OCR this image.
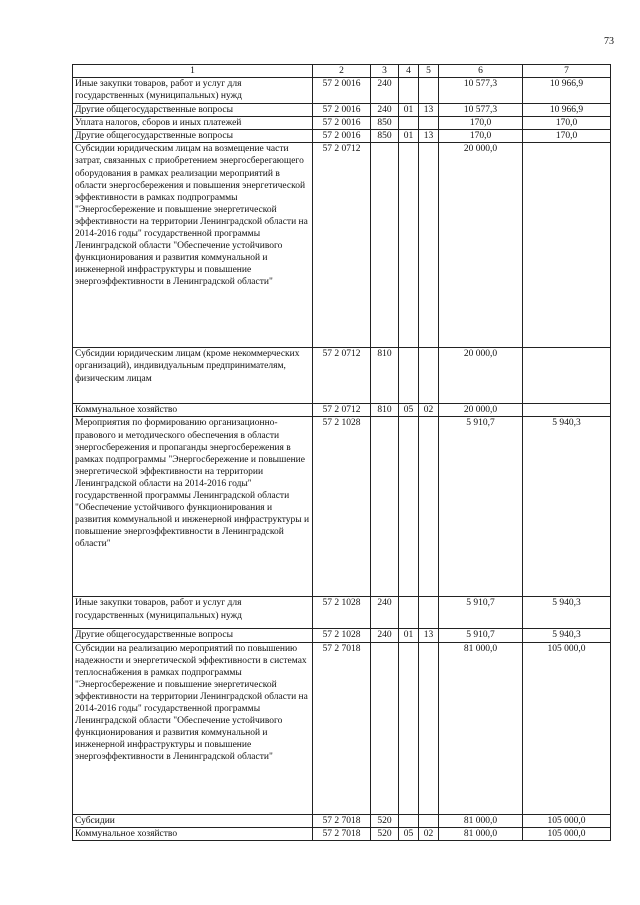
73
1	2	3	4	5	6	7
Иные закупки товаров, работ и услуг для государственных (муниципальных) нужд	57 2 0016	240			10 577,3	10 966,9
Другие общегосударственные вопросы	57 2 0016	240	01	13	10 577,3	10 966,9
Уплата налогов, сборов и иных платежей	57 2 0016	850			170,0	170,0
Другие общегосударственные вопросы	57 2 0016	850	01	13	170,0	170,0
Субсидии юридическим лицам на возмещение части затрат, связанных с приобретением энергосберегающего оборудования в рамках реализации мероприятий в области энергосбережения и повышения энергетической эффективности в рамках подпрограммы "Энергосбережение и повышение энергетической эффективности на территории Ленинградской области на 2014-2016 годы" государственной программы Ленинградской области "Обеспечение устойчивого функционирования и развития коммунальной и инженерной инфраструктуры и повышение энергоэффективности в Ленинградской области"	57 2 0712				20 000,0	
Субсидии юридическим лицам (кроме некоммерческих организаций), индивидуальным предпринимателям, физическим лицам	57 2 0712	810			20 000,0	
Коммунальное хозяйство	57 2 0712	810	05	02	20 000,0	
Мероприятия по формированию организационно-правового и методического обеспечения в области энергосбережения и пропаганды энергосбережения в рамках подпрограммы "Энергосбережение и повышение энергетической эффективности на территории Ленинградской области на 2014-2016 годы" государственной программы Ленинградской области "Обеспечение устойчивого функционирования и развития коммунальной и инженерной инфраструктуры и повышение энергоэффективности в Ленинградской области"	57 2 1028				5 910,7	5 940,3
Иные закупки товаров, работ и услуг для государственных (муниципальных) нужд	57 2 1028	240			5 910,7	5 940,3
Другие общегосударственные вопросы	57 2 1028	240	01	13	5 910,7	5 940,3
Субсидии на реализацию мероприятий по повышению надежности и энергетической эффективности в системах теплоснабжения в рамках подпрограммы "Энергосбережение и повышение энергетической эффективности на территории Ленинградской области на 2014-2016 годы" государственной программы Ленинградской области "Обеспечение устойчивого функционирования и развития коммунальной и инженерной инфраструктуры и повышение энергоэффективности в Ленинградской области"	57 2 7018				81 000,0	105 000,0
Субсидии	57 2 7018	520			81 000,0	105 000,0
Коммунальное хозяйство	57 2 7018	520	05	02	81 000,0	105 000,0
